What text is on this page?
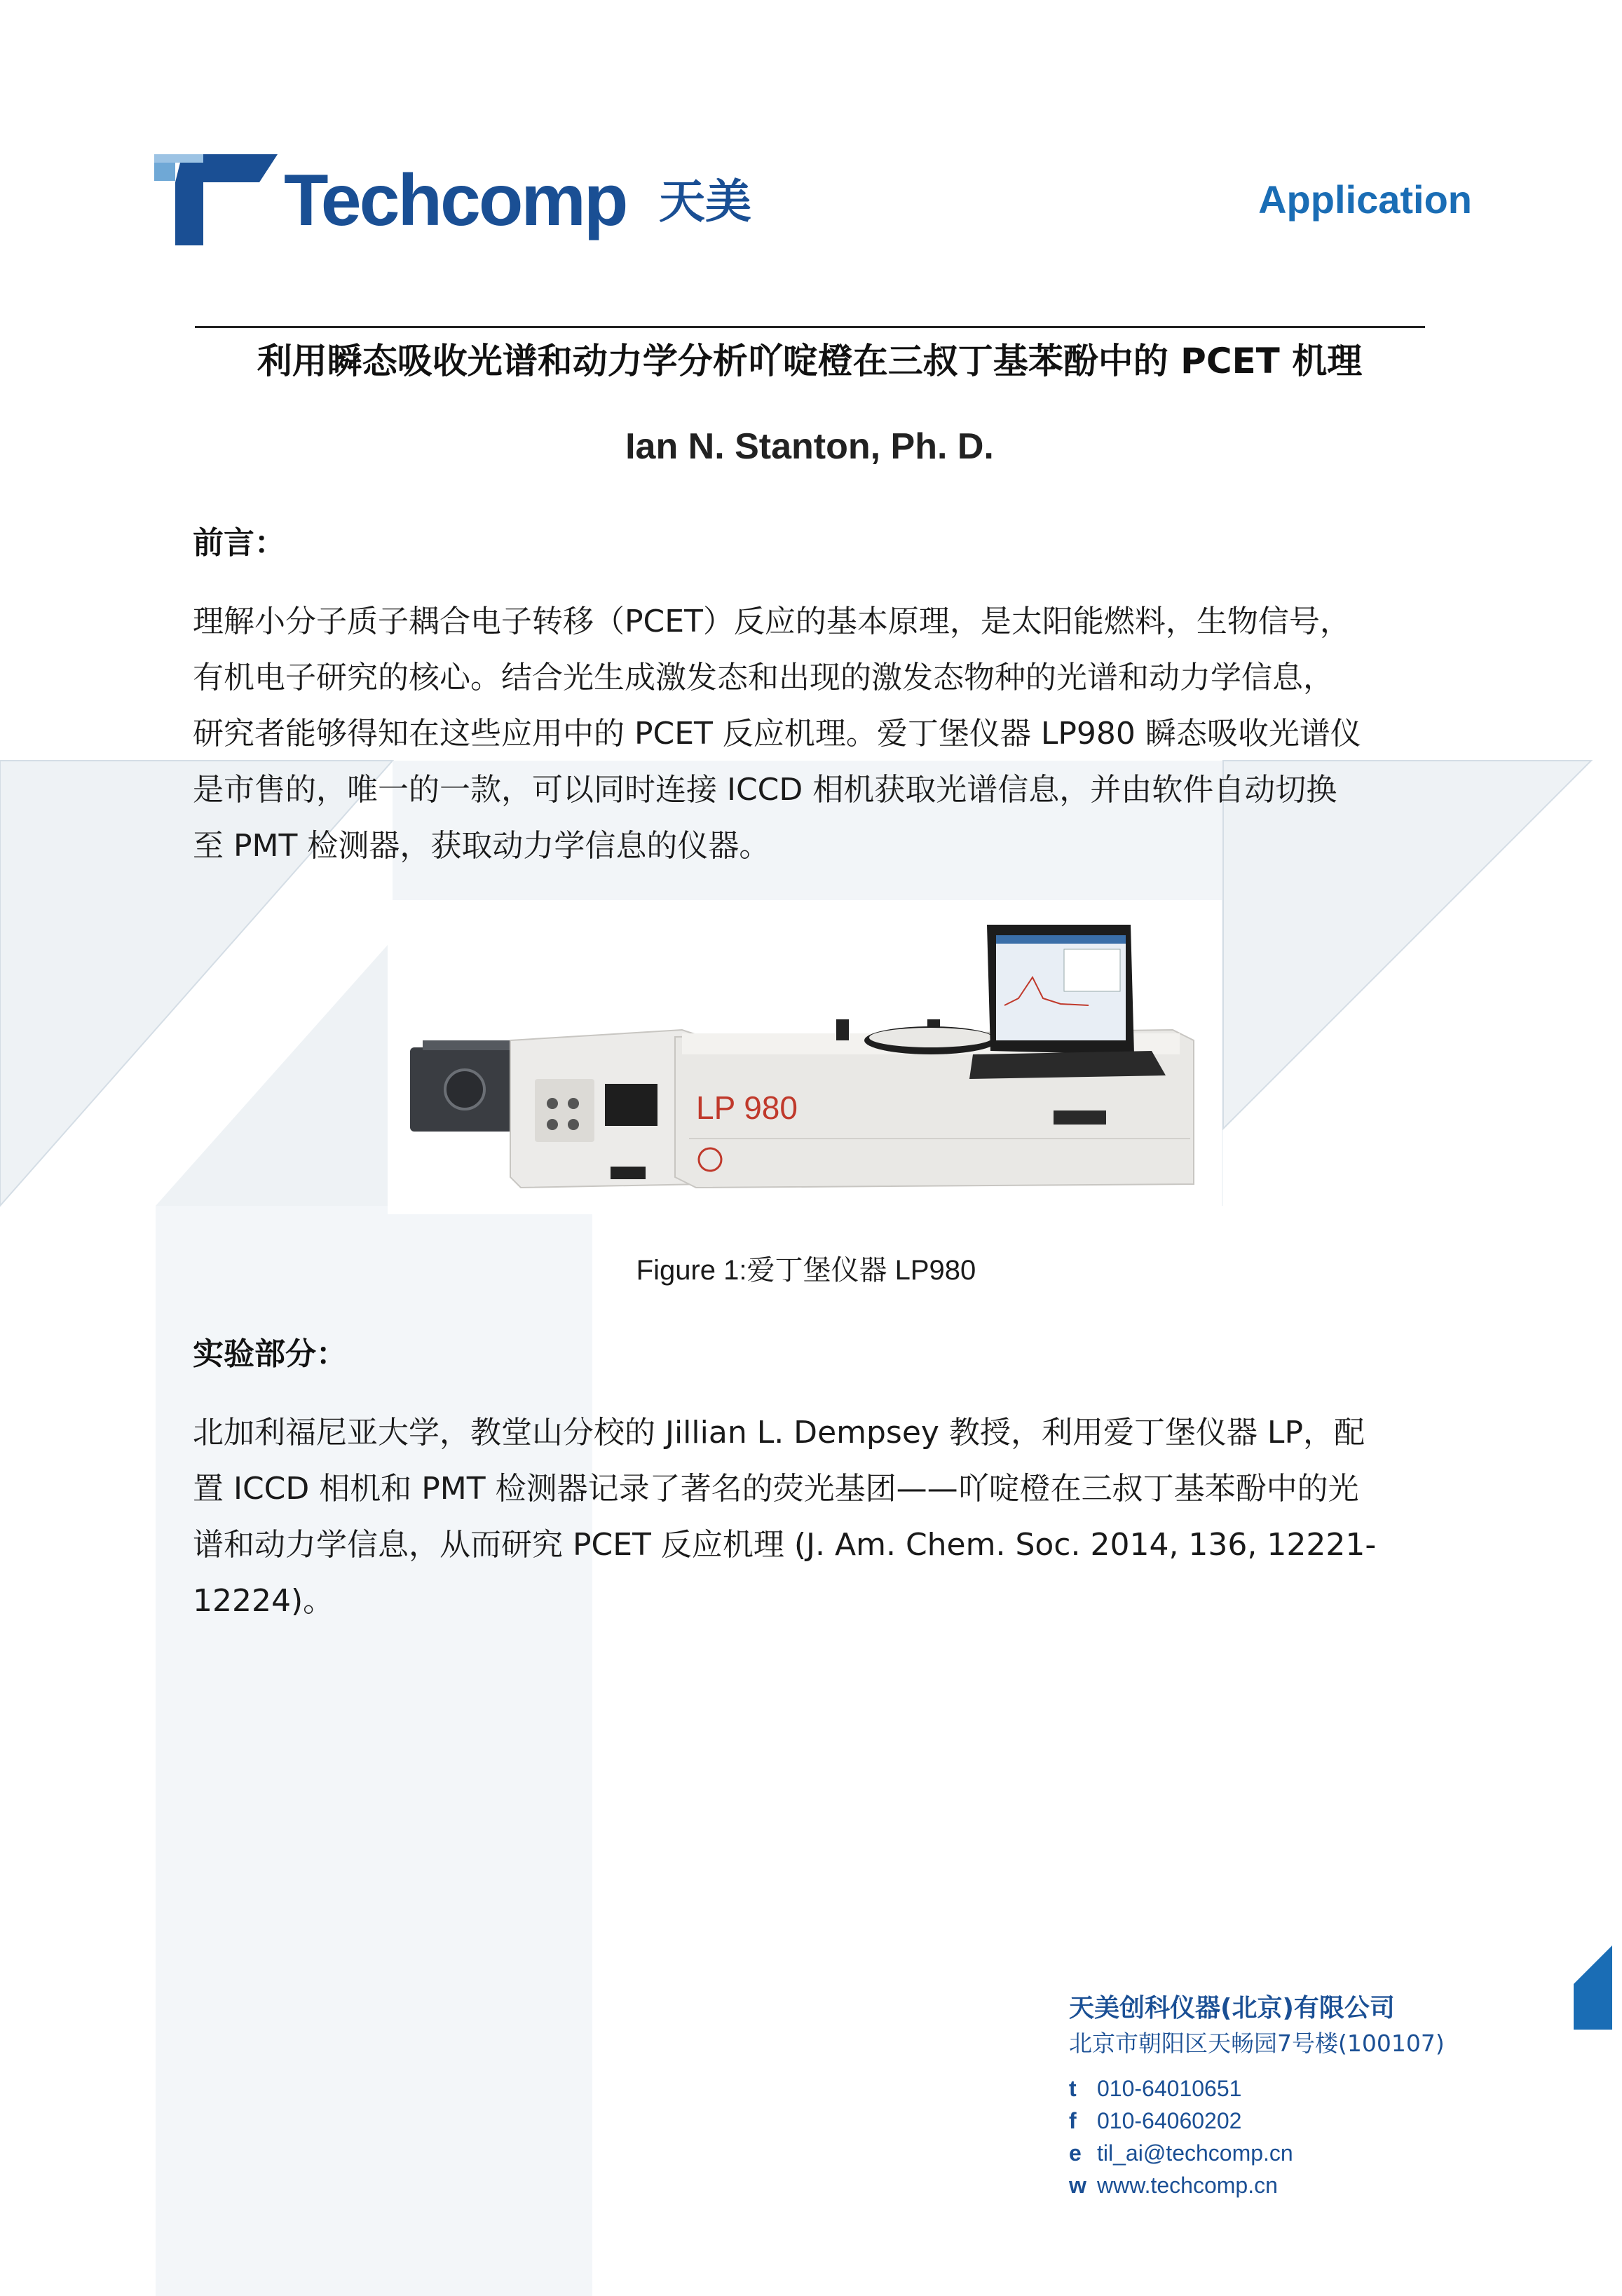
Techcomp 天美	Application
利用瞬态吸收光谱和动力学分析吖啶橙在三叔丁基苯酚中的 PCET 机理
Ian N. Stanton, Ph. D.
前言：
理解小分子质子耦合电子转移（PCET）反应的基本原理，是太阳能燃料，生物信号，
有机电子研究的核心。结合光生成激发态和出现的激发态物种的光谱和动力学信息，
研究者能够得知在这些应用中的 PCET 反应机理。爱丁堡仪器 LP980 瞬态吸收光谱仪
是市售的，唯一的一款，可以同时连接 ICCD 相机获取光谱信息，并由软件自动切换
至 PMT 检测器，获取动力学信息的仪器。
LP 980
Figure 1:爱丁堡仪器 LP980
实验部分：
北加利福尼亚大学，教堂山分校的 Jillian L. Dempsey 教授，利用爱丁堡仪器 LP，配
置 ICCD 相机和 PMT 检测器记录了著名的荧光基团——吖啶橙在三叔丁基苯酚中的光
谱和动力学信息，从而研究 PCET 反应机理 (J. Am. Chem. Soc. 2014, 136, 12221-
12224)。
天美创科仪器(北京)有限公司
北京市朝阳区天畅园7号楼(100107)
t 010-64010651
f 010-64060202
e til_ai@techcomp.cn
w www.techcomp.cn
